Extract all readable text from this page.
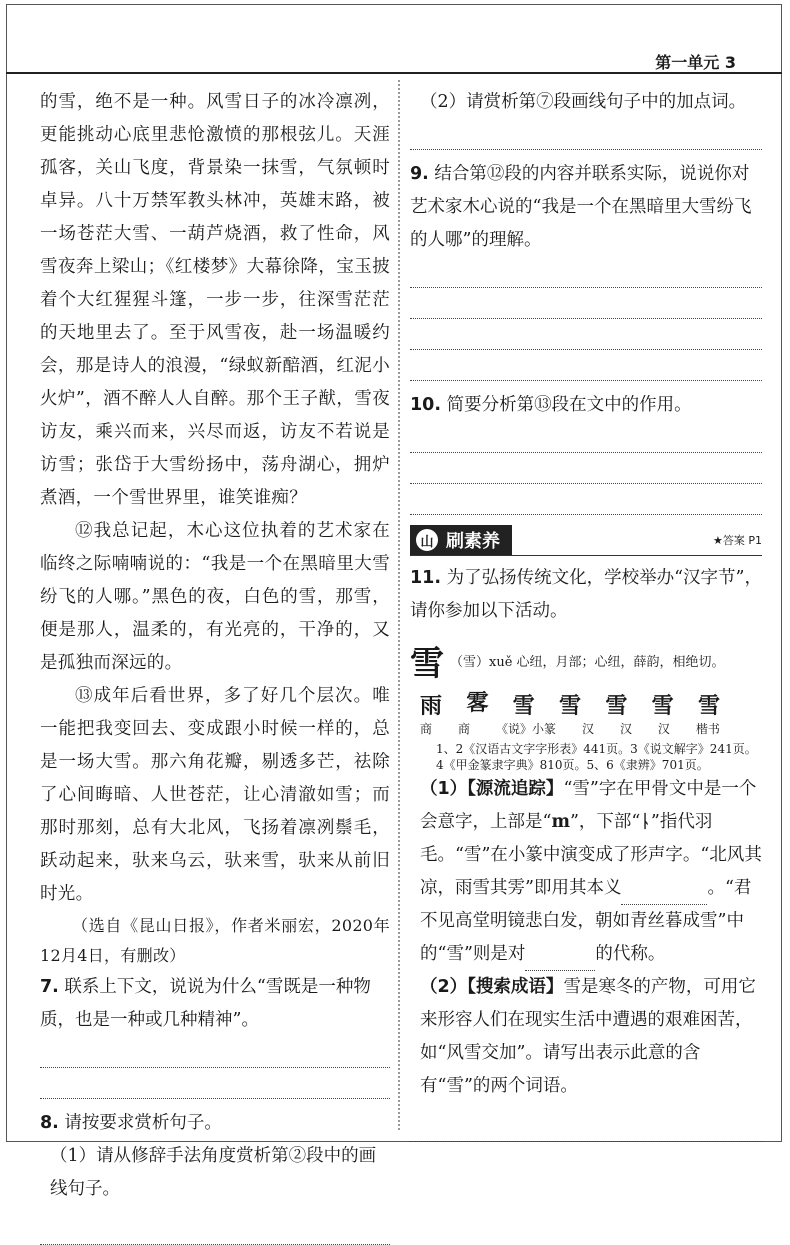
第一单元 3

的雪，绝不是一种。风雪日子的冰冷凛冽，更能挑动心底里悲怆激愤的那根弦儿。天涯孤客，关山飞度，背景染一抹雪，气氛顿时卓异。八十万禁军教头林冲，英雄末路，被一场苍茫大雪、一葫芦烧酒，救了性命，风雪夜奔上梁山；《红楼梦》大幕徐降，宝玉披着个大红猩猩斗篷，一步一步，往深雪茫茫的天地里去了。至于风雪夜，赴一场温暖约会，那是诗人的浪漫，“绿蚁新醅酒，红泥小火炉”，酒不醉人人自醉。那个王子猷，雪夜访友，乘兴而来，兴尽而返，访友不若说是访雪；张岱于大雪纷扬中，荡舟湖心，拥炉煮酒，一个雪世界里，谁笑谁痴？

⑫我总记起，木心这位执着的艺术家在临终之际喃喃说的：“我是一个在黑暗里大雪纷飞的人哪。”黑色的夜，白色的雪，那雪，便是那人，温柔的，有光亮的，干净的，又是孤独而深远的。

⑬成年后看世界，多了好几个层次。唯一能把我变回去、变成跟小时候一样的，总是一场大雪。那六角花瓣，剔透多芒，祛除了心间晦暗、人世苍茫，让心清澈如雪；而那时那刻，总有大北风，飞扬着凛冽鬃毛，跃动起来，驮来乌云，驮来雪，驮来从前旧时光。

（选自《昆山日报》，作者米丽宏，2020年12月4日，有删改）

7. 联系上下文，说说为什么“雪既是一种物质，也是一种或几种精神”。

8. 请按要求赏析句子。

（1）请从修辞手法角度赏析第②段中的画线句子。

（2）请赏析第⑦段画线句子中的加点词。

9. 结合第⑫段的内容并联系实际，说说你对艺术家木心说的“我是一个在黑暗里大雪纷飞的人哪”的理解。

10. 简要分析第⑬段在文中的作用。

山 刷素养	★答案 P1

11. 为了弘扬传统文化，学校举办“汉字节”，请你参加以下活动。

雪 （雪）xuě 心纽，月部；心纽，薛韵，相绝切。
雨 𩂣 雪 雪 雪 雪 雪
商 商 《说》小篆 汉 汉 汉 楷书

1、2《汉语古文字字形表》441页。3《说文解字》241页。4《甲金篆隶字典》810页。5、6《隶辨》701页。

（1）【源流追踪】“雪”字在甲骨文中是一个会意字，上部是“m”，下部“ᚿ”指代羽毛。“雪”在小篆中演变成了形声字。“北风其凉，雨雪其雱”即用其本义	。“君不见高堂明镜悲白发，朝如青丝暮成雪”中的“雪”则是对	的代称。

（2）【搜索成语】雪是寒冬的产物，可用它来形容人们在现实生活中遭遇的艰难困苦，如“风雪交加”。请写出表示此意的含有“雪”的两个词语。
